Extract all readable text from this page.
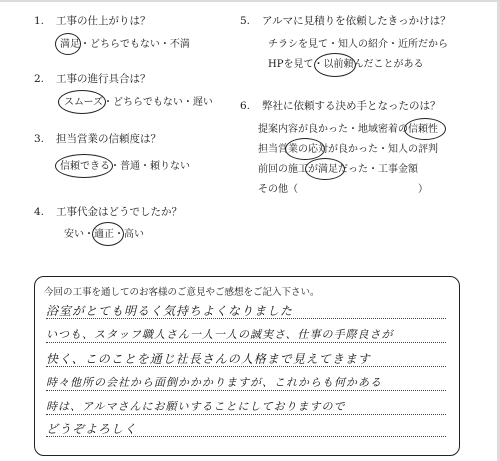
1. 工事の仕上がりは？
満足・どちらでもない・不満
2. 工事の進行具合は？
スムーズ・どちらでもない・遅い
3. 担当営業の信頼度は？
信頼できる・普通・頼りない
4. 工事代金はどうでしたか？
安い・適正・高い
5. アルマに見積りを依頼したきっかけは？
チラシを見て・知人の紹介・近所だから
HPを見て・以前頼んだことがある
6. 弊社に依頼する決め手となったのは？
提案内容が良かった・地域密着の信頼性
担当営業の応対が良かった・知人の評判
前回の施工が満足だった・工事金額
その他（　　　　　　　　　　　　）
今回の工事を通してのお客様のご意見やご感想をご記入下さい。
浴室がとても明るく気持ちよくなりました
いつも、スタッフ職人さん一人一人の誠実さ、仕事の手際良さが
快く、このことを通じ社長さんの人格まで見えてきます
時々他所の会社から面倒かかかりますが、これからも何かある
時は、アルマさんにお願いすることにしておりますので
どうぞよろしく
